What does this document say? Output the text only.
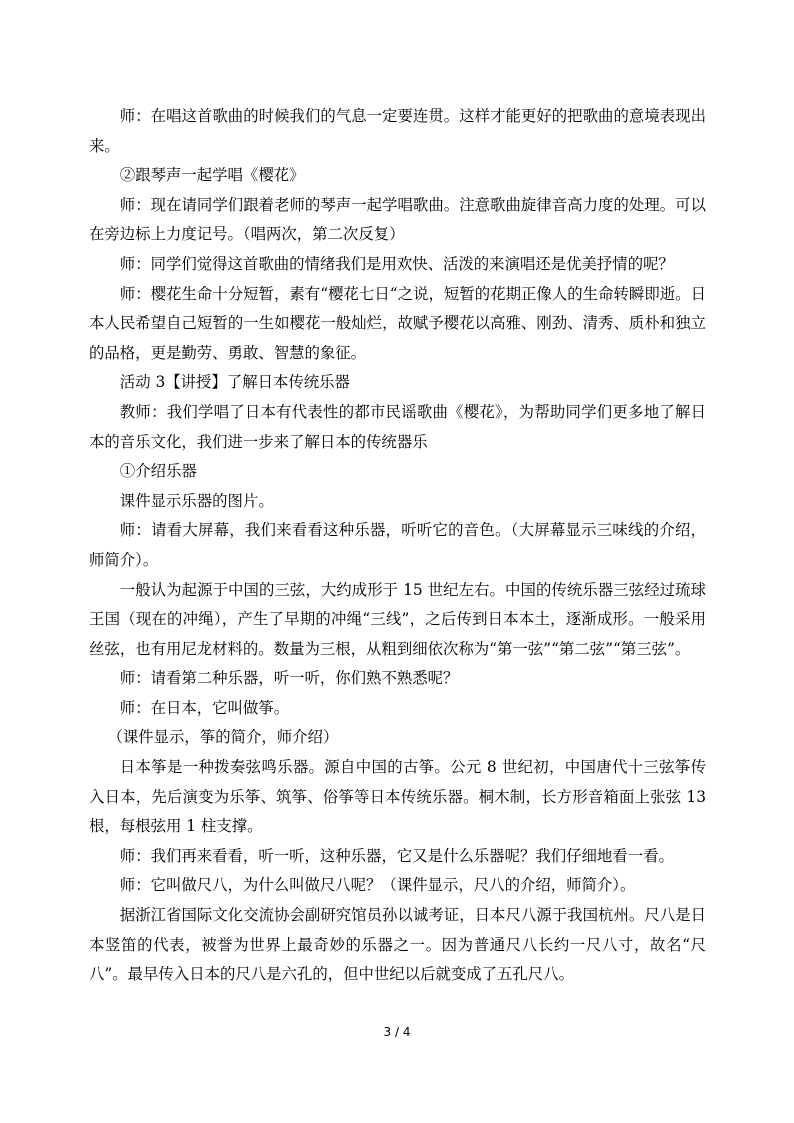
师：在唱这首歌曲的时候我们的气息一定要连贯。这样才能更好的把歌曲的意境表现出来。

②跟琴声一起学唱《樱花》

师：现在请同学们跟着老师的琴声一起学唱歌曲。注意歌曲旋律音高力度的处理。可以在旁边标上力度记号。（唱两次，第二次反复）

师：同学们觉得这首歌曲的情绪我们是用欢快、活泼的来演唱还是优美抒情的呢？

师：樱花生命十分短暂，素有“樱花七日“之说，短暂的花期正像人的生命转瞬即逝。日本人民希望自己短暂的一生如樱花一般灿烂，故赋予樱花以高雅、刚劲、清秀、质朴和独立的品格，更是勤劳、勇敢、智慧的象征。

活动 3【讲授】了解日本传统乐器

教师：我们学唱了日本有代表性的都市民谣歌曲《樱花》，为帮助同学们更多地了解日本的音乐文化，我们进一步来了解日本的传统器乐

①介绍乐器

课件显示乐器的图片。

师：请看大屏幕，我们来看看这种乐器，听听它的音色。（大屏幕显示三味线的介绍，师简介）。

一般认为起源于中国的三弦，大约成形于 15 世纪左右。中国的传统乐器三弦经过琉球王国（现在的冲绳），产生了早期的冲绳“三线”，之后传到日本本土，逐渐成形。一般采用丝弦，也有用尼龙材料的。数量为三根，从粗到细依次称为“第一弦”“第二弦”“第三弦”。

师：请看第二种乐器，听一听，你们熟不熟悉呢？

师：在日本，它叫做筝。

（课件显示，筝的简介，师介绍）

日本筝是一种拨奏弦鸣乐器。源自中国的古筝。公元 8 世纪初，中国唐代十三弦筝传入日本，先后演变为乐筝、筑筝、俗筝等日本传统乐器。桐木制，长方形音箱面上张弦 13 根，每根弦用 1 柱支撑。

师：我们再来看看，听一听，这种乐器，它又是什么乐器呢？我们仔细地看一看。

师：它叫做尺八，为什么叫做尺八呢？（课件显示，尺八的介绍，师简介）。

据浙江省国际文化交流协会副研究馆员孙以诚考证，日本尺八源于我国杭州。尺八是日本竖笛的代表，被誉为世界上最奇妙的乐器之一。因为普通尺八长约一尺八寸，故名“尺八”。最早传入日本的尺八是六孔的，但中世纪以后就变成了五孔尺八。

3 / 4
